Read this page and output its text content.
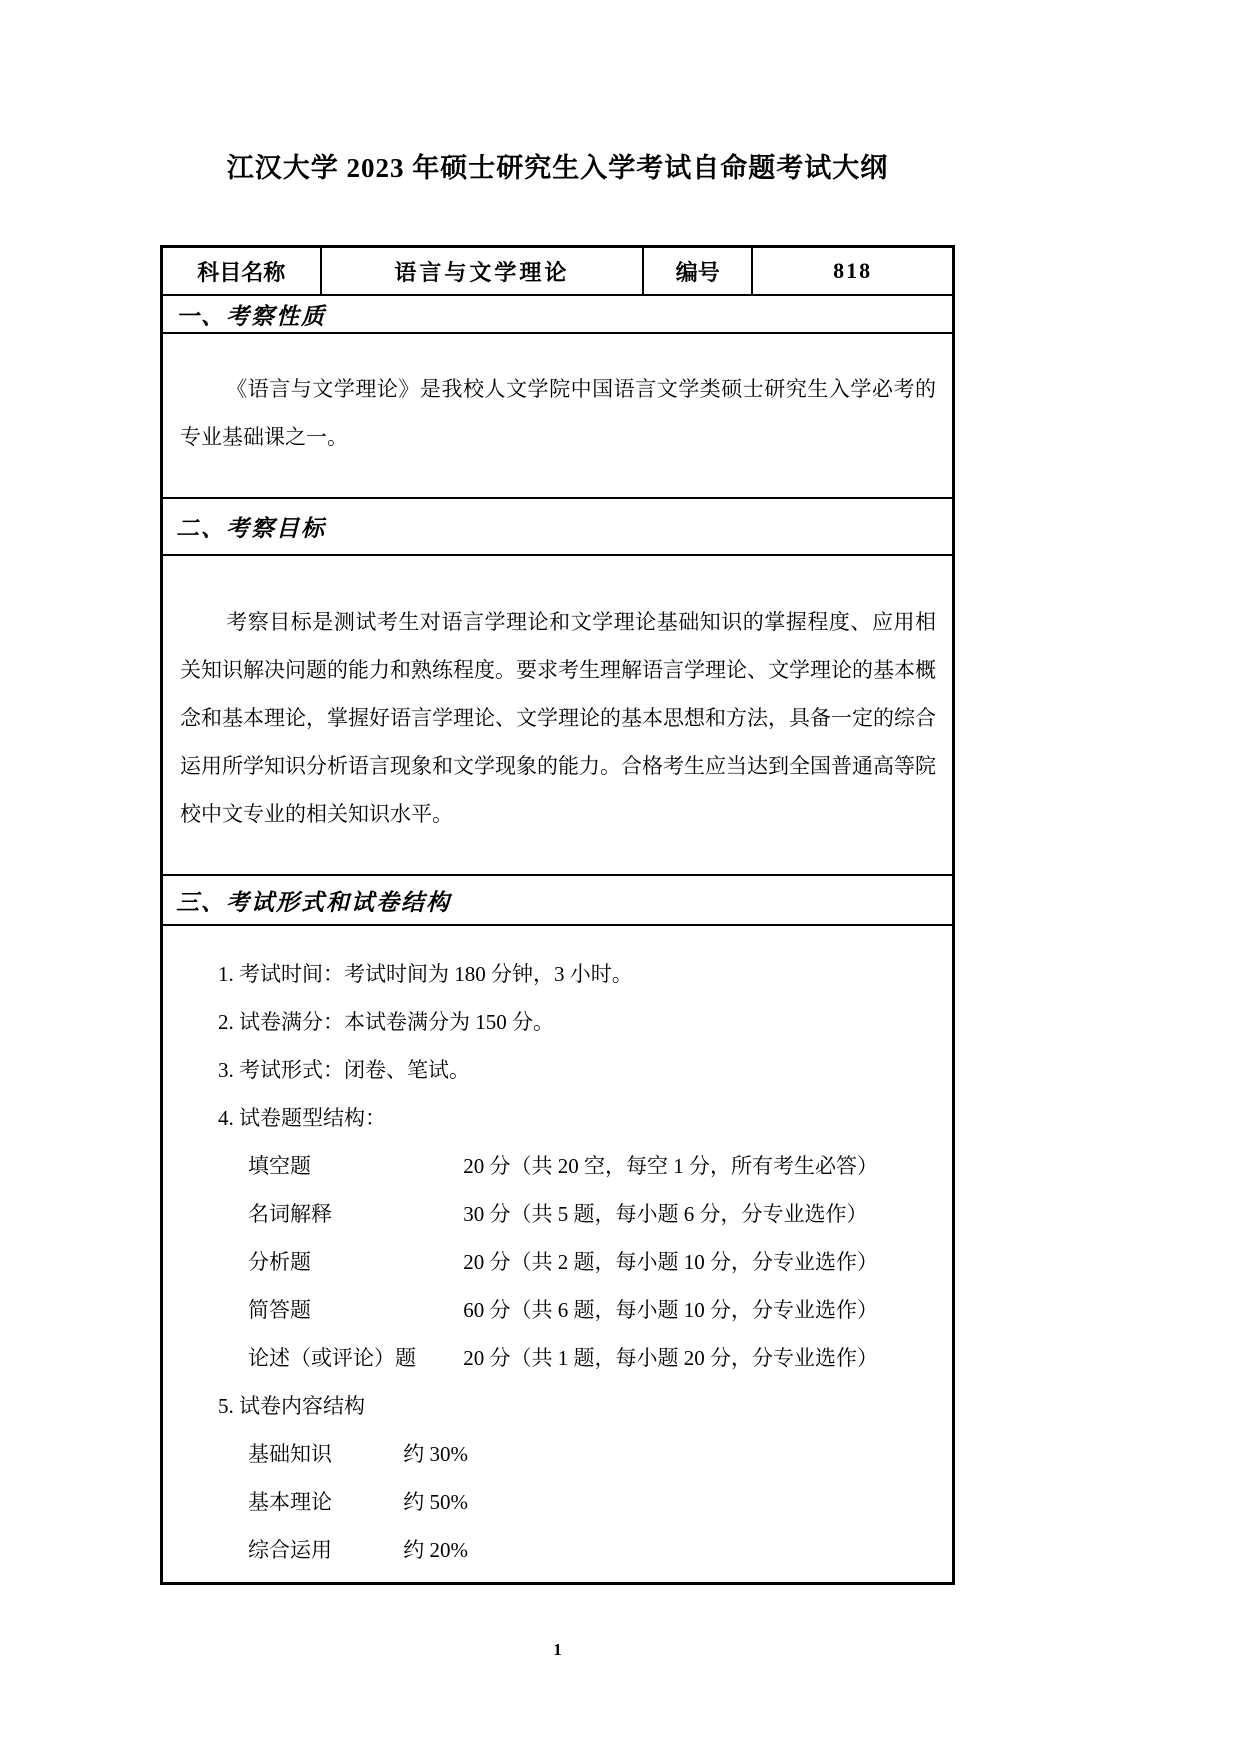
江汉大学 2023 年硕士研究生入学考试自命题考试大纲
科目名称	语言与文学理论	编号	818
一、考察性质

《语言与文学理论》是我校人文学院中国语言文学类硕士研究生入学必考的专业基础课之一。

二、考察目标

考察目标是测试考生对语言学理论和文学理论基础知识的掌握程度、应用相关知识解决问题的能力和熟练程度。要求考生理解语言学理论、文学理论的基本概念和基本理论，掌握好语言学理论、文学理论的基本思想和方法，具备一定的综合运用所学知识分析语言现象和文学现象的能力。合格考生应当达到全国普通高等院校中文专业的相关知识水平。

三、考试形式和试卷结构
1. 考试时间：考试时间为 180 分钟，3 小时。
2. 试卷满分：本试卷满分为 150 分。
3. 考试形式：闭卷、笔试。
4. 试卷题型结构：
填空题	20 分（共 20 空，每空 1 分，所有考生必答）
名词解释	30 分（共 5 题，每小题 6 分，分专业选作）
分析题	20 分（共 2 题，每小题 10 分，分专业选作）
简答题	60 分（共 6 题，每小题 10 分，分专业选作）
论述（或评论）题 20 分（共 1 题，每小题 20 分，分专业选作）
5. 试卷内容结构
基础知识	约 30%
基本理论	约 50%
综合运用	约 20%
1
